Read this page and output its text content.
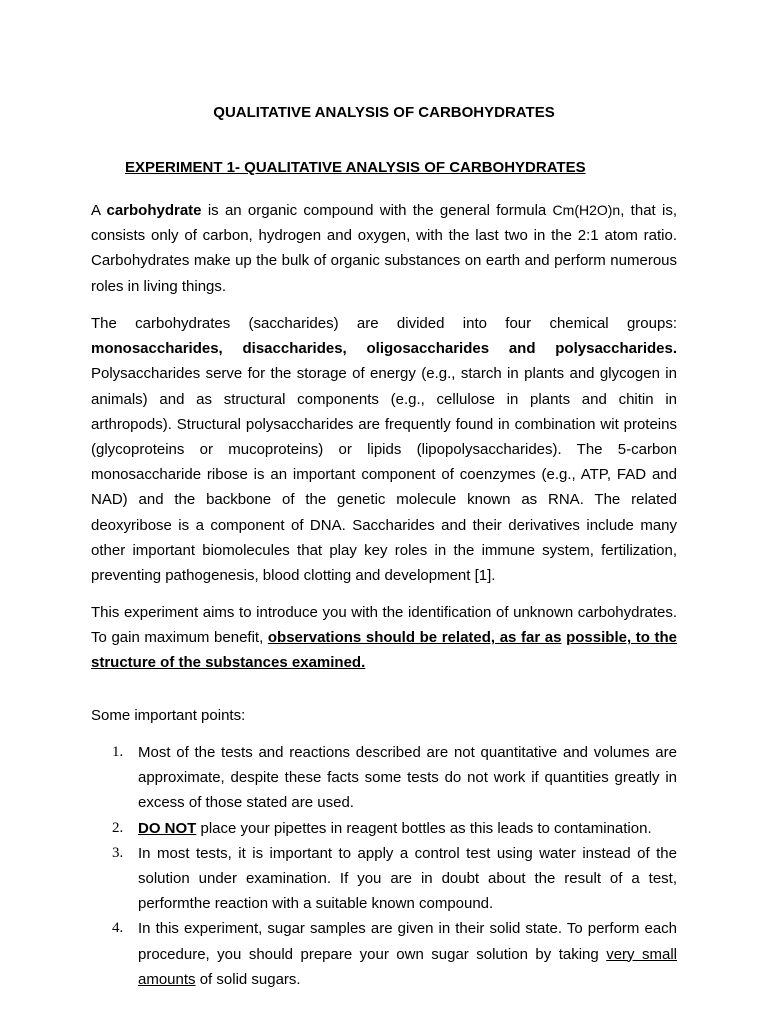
QUALITATIVE ANALYSIS OF CARBOHYDRATES
EXPERIMENT 1- QUALITATIVE ANALYSIS OF CARBOHYDRATES

A carbohydrate is an organic compound with the general formula Cm(H2O)n, that is, consists only of carbon, hydrogen and oxygen, with the last two in the 2:1 atom ratio. Carbohydrates make up the bulk of organic substances on earth and perform numerous roles in living things.

The carbohydrates (saccharides) are divided into four chemical groups: monosaccharides, disaccharides, oligosaccharides and polysaccharides. Polysaccharides serve for the storage of energy (e.g., starch in plants and glycogen in animals) and as structural components (e.g., cellulose in plants and chitin in arthropods). Structural polysaccharides are frequently found in combination wit proteins (glycoproteins or mucoproteins) or lipids (lipopolysaccharides). The 5-carbon monosaccharide ribose is an important component of coenzymes (e.g., ATP, FAD and NAD) and the backbone of the genetic molecule known as RNA. The related deoxyribose is a component of DNA. Saccharides and their derivatives include many other important biomolecules that play key roles in the immune system, fertilization, preventing pathogenesis, blood clotting and development [1].

This experiment aims to introduce you with the identification of unknown carbohydrates. To gain maximum benefit, observations should be related, as far as possible, to the structure of the substances examined.

Some important points:

1. Most of the tests and reactions described are not quantitative and volumes are approximate, despite these facts some tests do not work if quantities greatly in excess of those stated are used.
2. DO NOT place your pipettes in reagent bottles as this leads to contamination.
3. In most tests, it is important to apply a control test using water instead of the solution under examination. If you are in doubt about the result of a test, performthe reaction with a suitable known compound.
4. In this experiment, sugar samples are given in their solid state. To perform each procedure, you should prepare your own sugar solution by taking very small amounts of solid sugars.
